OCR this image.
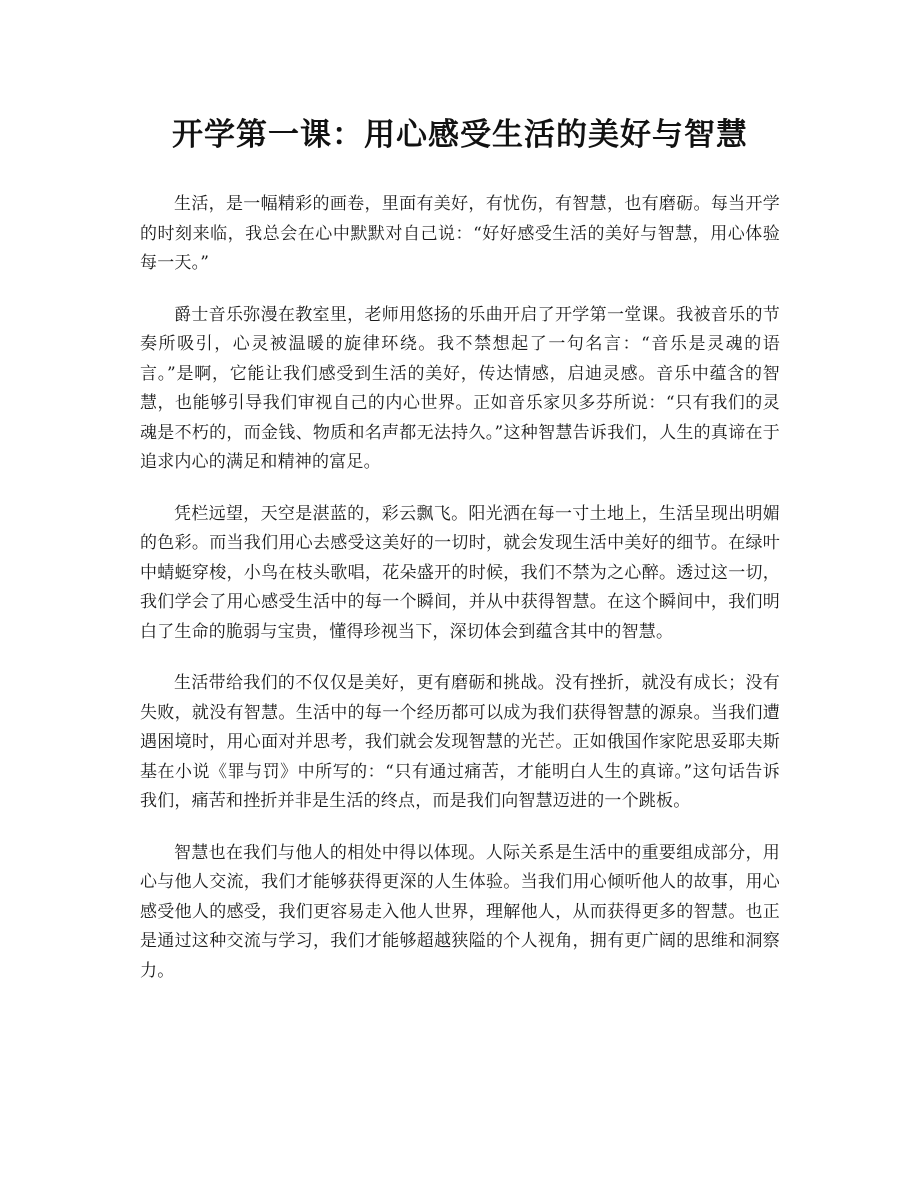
开学第一课：用心感受生活的美好与智慧

生活，是一幅精彩的画卷，里面有美好，有忧伤，有智慧，也有磨砺。每当开学的时刻来临，我总会在心中默默对自己说：“好好感受生活的美好与智慧，用心体验每一天。”

爵士音乐弥漫在教室里，老师用悠扬的乐曲开启了开学第一堂课。我被音乐的节奏所吸引，心灵被温暖的旋律环绕。我不禁想起了一句名言：“音乐是灵魂的语言。”是啊，它能让我们感受到生活的美好，传达情感，启迪灵感。音乐中蕴含的智慧，也能够引导我们审视自己的内心世界。正如音乐家贝多芬所说：“只有我们的灵魂是不朽的，而金钱、物质和名声都无法持久。”这种智慧告诉我们，人生的真谛在于追求内心的满足和精神的富足。

凭栏远望，天空是湛蓝的，彩云飘飞。阳光洒在每一寸土地上，生活呈现出明媚的色彩。而当我们用心去感受这美好的一切时，就会发现生活中美好的细节。在绿叶中蜻蜓穿梭，小鸟在枝头歌唱，花朵盛开的时候，我们不禁为之心醉。透过这一切，我们学会了用心感受生活中的每一个瞬间，并从中获得智慧。在这个瞬间中，我们明白了生命的脆弱与宝贵，懂得珍视当下，深切体会到蕴含其中的智慧。

生活带给我们的不仅仅是美好，更有磨砺和挑战。没有挫折，就没有成长；没有失败，就没有智慧。生活中的每一个经历都可以成为我们获得智慧的源泉。当我们遭遇困境时，用心面对并思考，我们就会发现智慧的光芒。正如俄国作家陀思妥耶夫斯基在小说《罪与罚》中所写的：“只有通过痛苦，才能明白人生的真谛。”这句话告诉我们，痛苦和挫折并非是生活的终点，而是我们向智慧迈进的一个跳板。

智慧也在我们与他人的相处中得以体现。人际关系是生活中的重要组成部分，用心与他人交流，我们才能够获得更深的人生体验。当我们用心倾听他人的故事，用心感受他人的感受，我们更容易走入他人世界，理解他人，从而获得更多的智慧。也正是通过这种交流与学习，我们才能够超越狭隘的个人视角，拥有更广阔的思维和洞察力。
